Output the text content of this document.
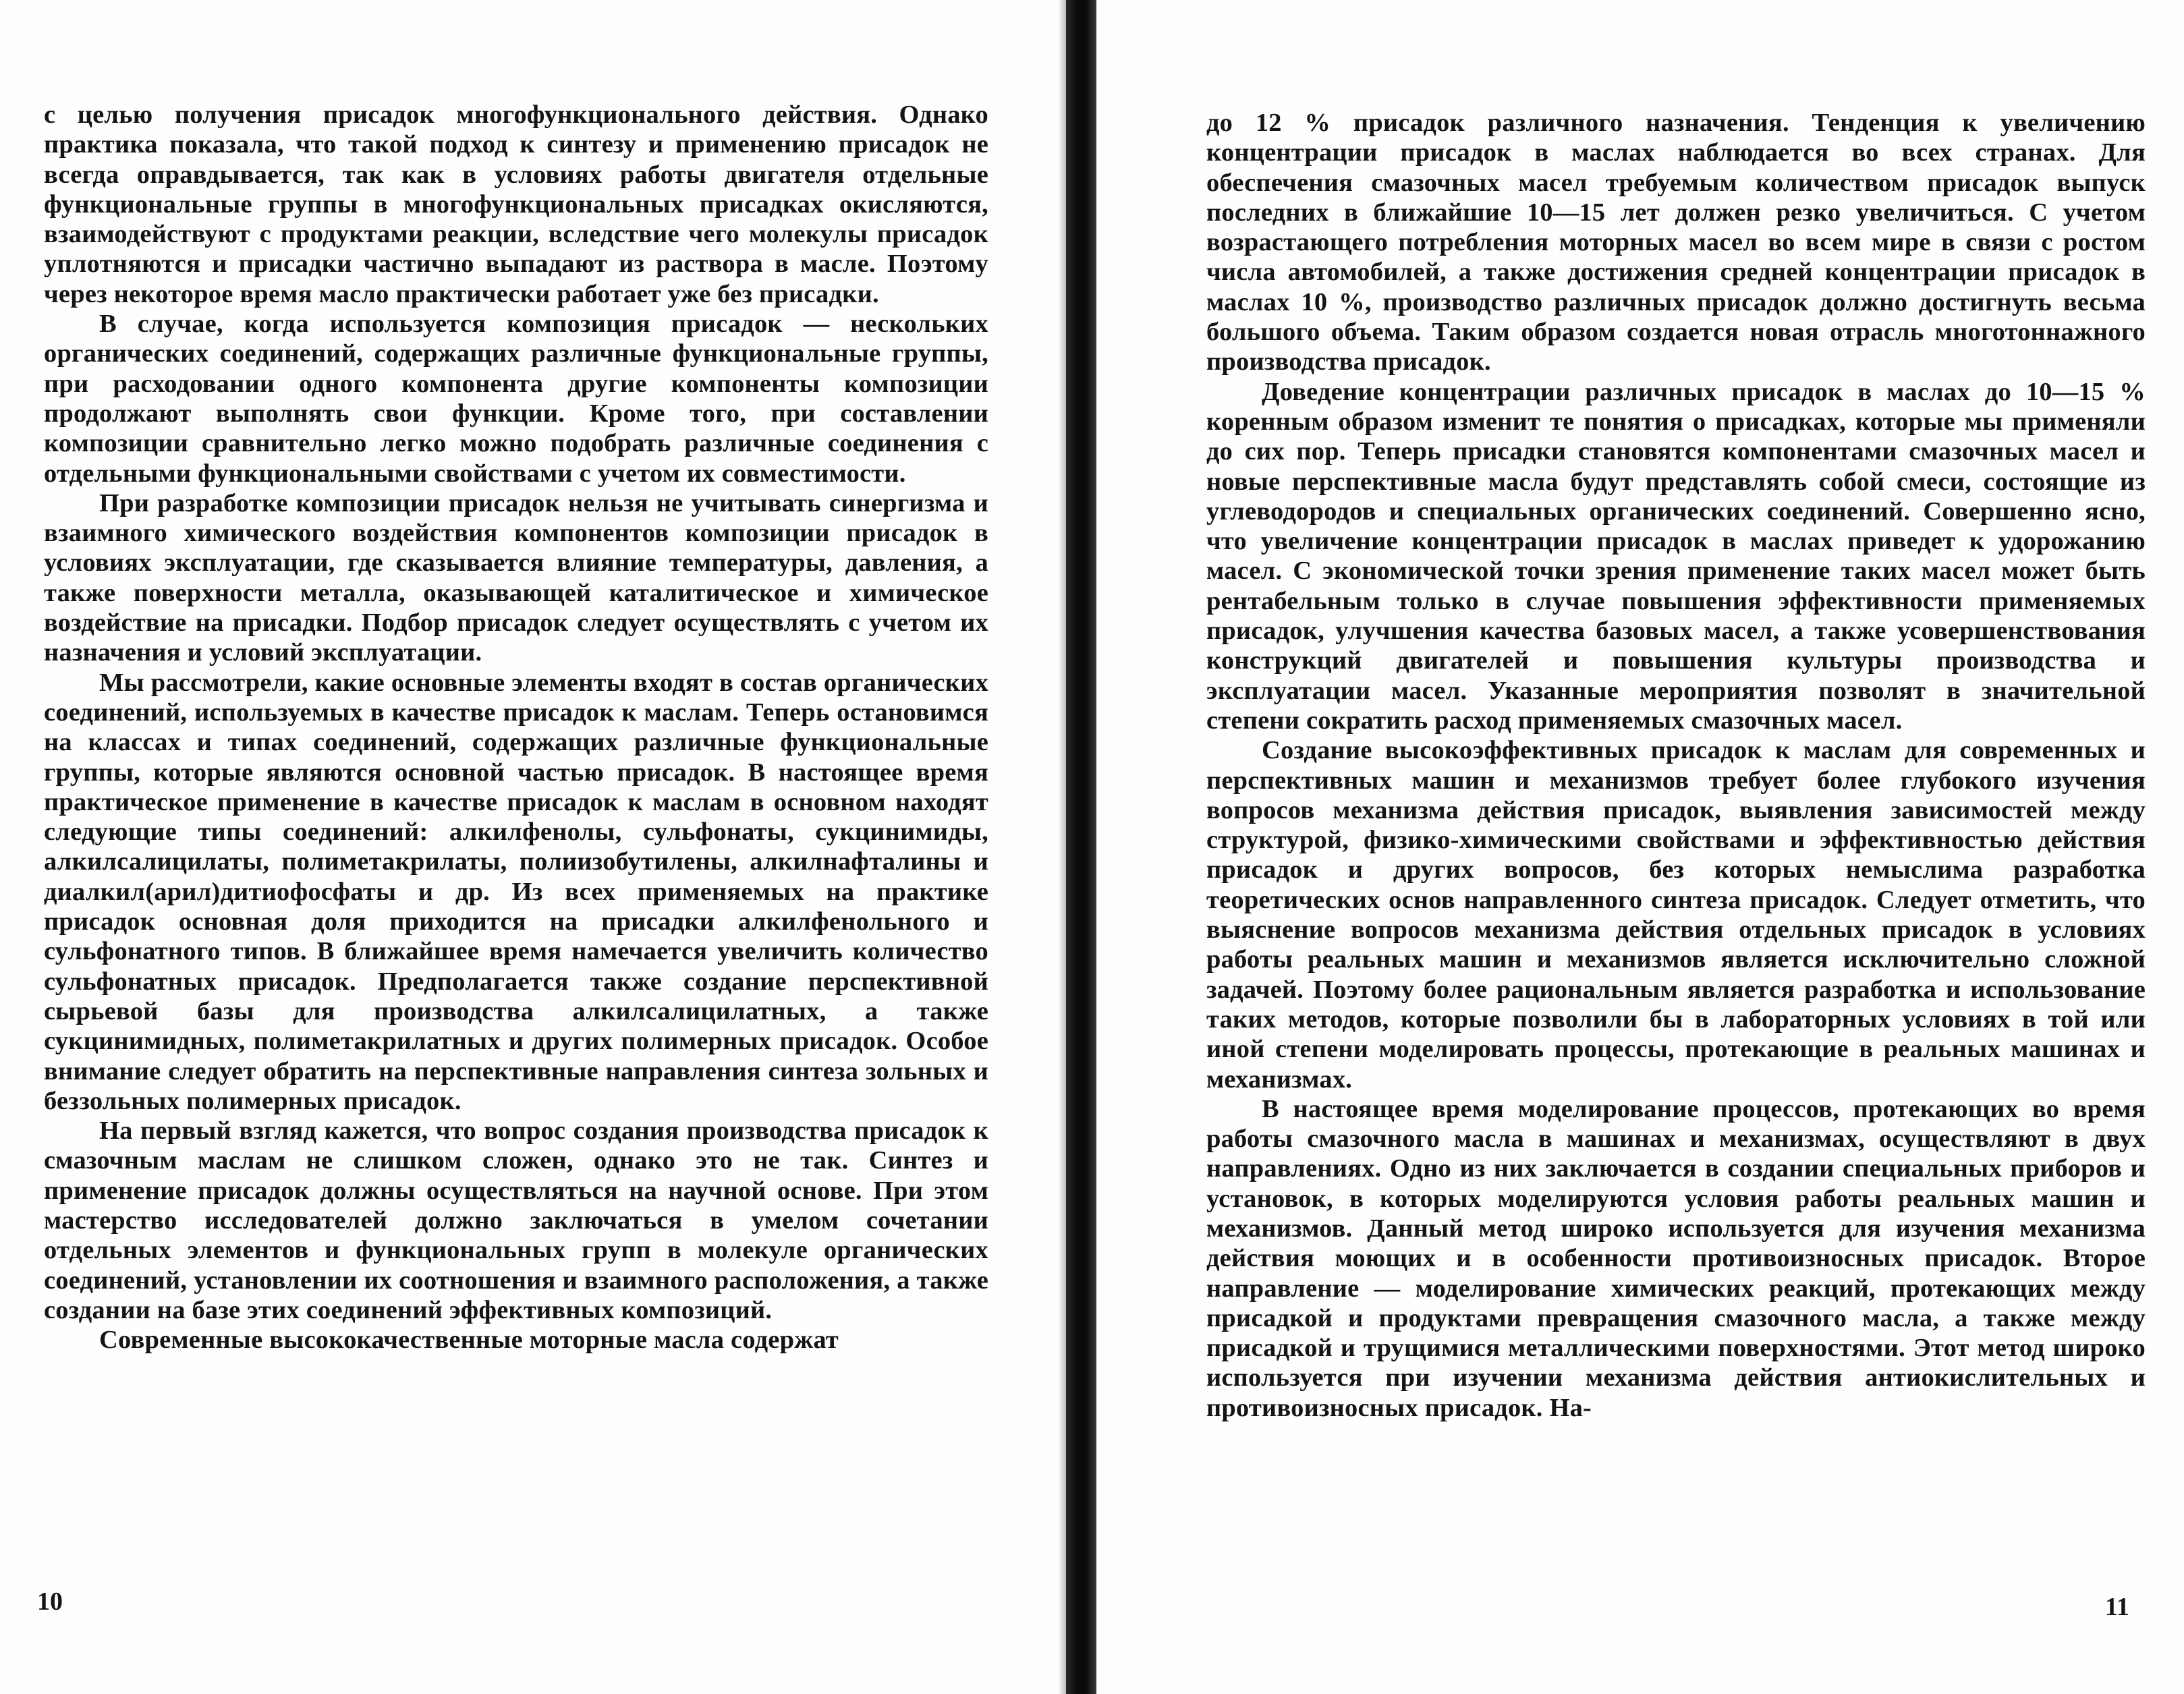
с целью получения присадок многофункционального действия. Однако практика показала, что такой подход к синтезу и применению присадок не всегда оправдывается, так как в условиях работы двигателя отдельные функциональные группы в многофункциональных присадках окисляются, взаимодействуют с продуктами реакции, вследствие чего молекулы присадок уплотняются и присадки частично выпадают из раствора в масле. Поэтому через некоторое время масло практически работает уже без присадки.

В случае, когда используется композиция присадок — нескольких органических соединений, содержащих различные функциональные группы, при расходовании одного компонента другие компоненты композиции продолжают выполнять свои функции. Кроме того, при составлении композиции сравнительно легко можно подобрать различные соединения с отдельными функциональными свойствами с учетом их совместимости.

При разработке композиции присадок нельзя не учитывать синергизма и взаимного химического воздействия компонентов композиции присадок в условиях эксплуатации, где сказывается влияние температуры, давления, а также поверхности металла, оказывающей каталитическое и химическое воздействие на присадки. Подбор присадок следует осуществлять с учетом их назначения и условий эксплуатации.

Мы рассмотрели, какие основные элементы входят в состав органических соединений, используемых в качестве присадок к маслам. Теперь остановимся на классах и типах соединений, содержащих различные функциональные группы, которые являются основной частью присадок. В настоящее время практическое применение в качестве присадок к маслам в основном находят следующие типы соединений: алкилфенолы, сульфонаты, сукцинимиды, алкилсалицилаты, полиметакрилаты, полиизобутилены, алкилнафталины и диалкил(арил)дитиофосфаты и др. Из всех применяемых на практике присадок основная доля приходится на присадки алкилфенольного и сульфонатного типов. В ближайшее время намечается увеличить количество сульфонатных присадок. Предполагается также создание перспективной сырьевой базы для производства алкилсалицилатных, а также сукцинимидных, полиметакрилатных и других полимерных присадок. Особое внимание следует обратить на перспективные направления синтеза зольных и беззольных полимерных присадок.

На первый взгляд кажется, что вопрос создания производства присадок к смазочным маслам не слишком сложен, однако это не так. Синтез и применение присадок должны осуществляться на научной основе. При этом мастерство исследователей должно заключаться в умелом сочетании отдельных элементов и функциональных групп в молекуле органических соединений, установлении их соотношения и взаимного расположения, а также создании на базе этих соединений эффективных композиций.

Современные высококачественные моторные масла содержат

10

до 12 % присадок различного назначения. Тенденция к увеличению концентрации присадок в маслах наблюдается во всех странах. Для обеспечения смазочных масел требуемым количеством присадок выпуск последних в ближайшие 10—15 лет должен резко увеличиться. С учетом возрастающего потребления моторных масел во всем мире в связи с ростом числа автомобилей, а также достижения средней концентрации присадок в маслах 10 %, производство различных присадок должно достигнуть весьма большого объема. Таким образом создается новая отрасль многотоннажного производства присадок.

Доведение концентрации различных присадок в маслах до 10—15 % коренным образом изменит те понятия о присадках, которые мы применяли до сих пор. Теперь присадки становятся компонентами смазочных масел и новые перспективные масла будут представлять собой смеси, состоящие из углеводородов и специальных органических соединений. Совершенно ясно, что увеличение концентрации присадок в маслах приведет к удорожанию масел. С экономической точки зрения применение таких масел может быть рентабельным только в случае повышения эффективности применяемых присадок, улучшения качества базовых масел, а также усовершенствования конструкций двигателей и повышения культуры производства и эксплуатации масел. Указанные мероприятия позволят в значительной степени сократить расход применяемых смазочных масел.

Создание высокоэффективных присадок к маслам для современных и перспективных машин и механизмов требует более глубокого изучения вопросов механизма действия присадок, выявления зависимостей между структурой, физико-химическими свойствами и эффективностью действия присадок и других вопросов, без которых немыслима разработка теоретических основ направленного синтеза присадок. Следует отметить, что выяснение вопросов механизма действия отдельных присадок в условиях работы реальных машин и механизмов является исключительно сложной задачей. Поэтому более рациональным является разработка и использование таких методов, которые позволили бы в лабораторных условиях в той или иной степени моделировать процессы, протекающие в реальных машинах и механизмах.

В настоящее время моделирование процессов, протекающих во время работы смазочного масла в машинах и механизмах, осуществляют в двух направлениях. Одно из них заключается в создании специальных приборов и установок, в которых моделируются условия работы реальных машин и механизмов. Данный метод широко используется для изучения механизма действия моющих и в особенности противоизносных присадок. Второе направление — моделирование химических реакций, протекающих между присадкой и продуктами превращения смазочного масла, а также между присадкой и трущимися металлическими поверхностями. Этот метод широко используется при изучении механизма действия антиокислительных и противоизносных присадок. На-

11
